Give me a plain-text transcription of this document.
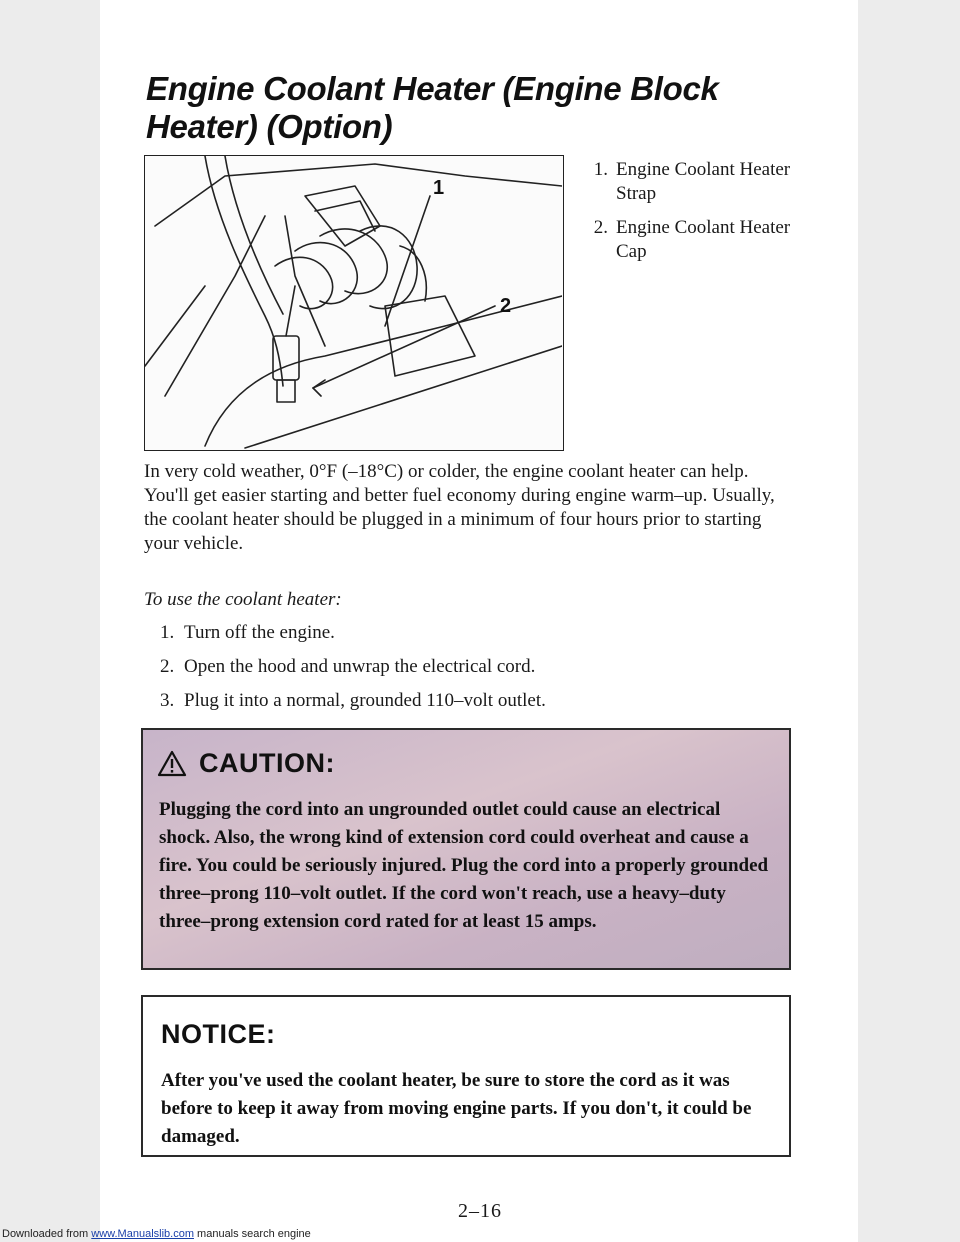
Engine Coolant Heater (Engine Block Heater) (Option)
1
2
1. Engine Coolant Heater Strap
2. Engine Coolant Heater Cap

In very cold weather, 0°F (–18°C) or colder, the engine coolant heater can help. You'll get easier starting and better fuel economy during engine warm–up. Usually, the coolant heater should be plugged in a minimum of four hours prior to starting your vehicle.

To use the coolant heater:

1. Turn off the engine.
2. Open the hood and unwrap the electrical cord.
3. Plug it into a normal, grounded 110–volt outlet.
CAUTION:
Plugging the cord into an ungrounded outlet could cause an electrical shock. Also, the wrong kind of extension cord could overheat and cause a fire. You could be seriously injured. Plug the cord into a properly grounded three–prong 110–volt outlet. If the cord won't reach, use a heavy–duty three–prong extension cord rated for at least 15 amps.
NOTICE:
After you've used the coolant heater, be sure to store the cord as it was before to keep it away from moving engine parts. If you don't, it could be damaged.
2–16
Downloaded from www.Manualslib.com manuals search engine
